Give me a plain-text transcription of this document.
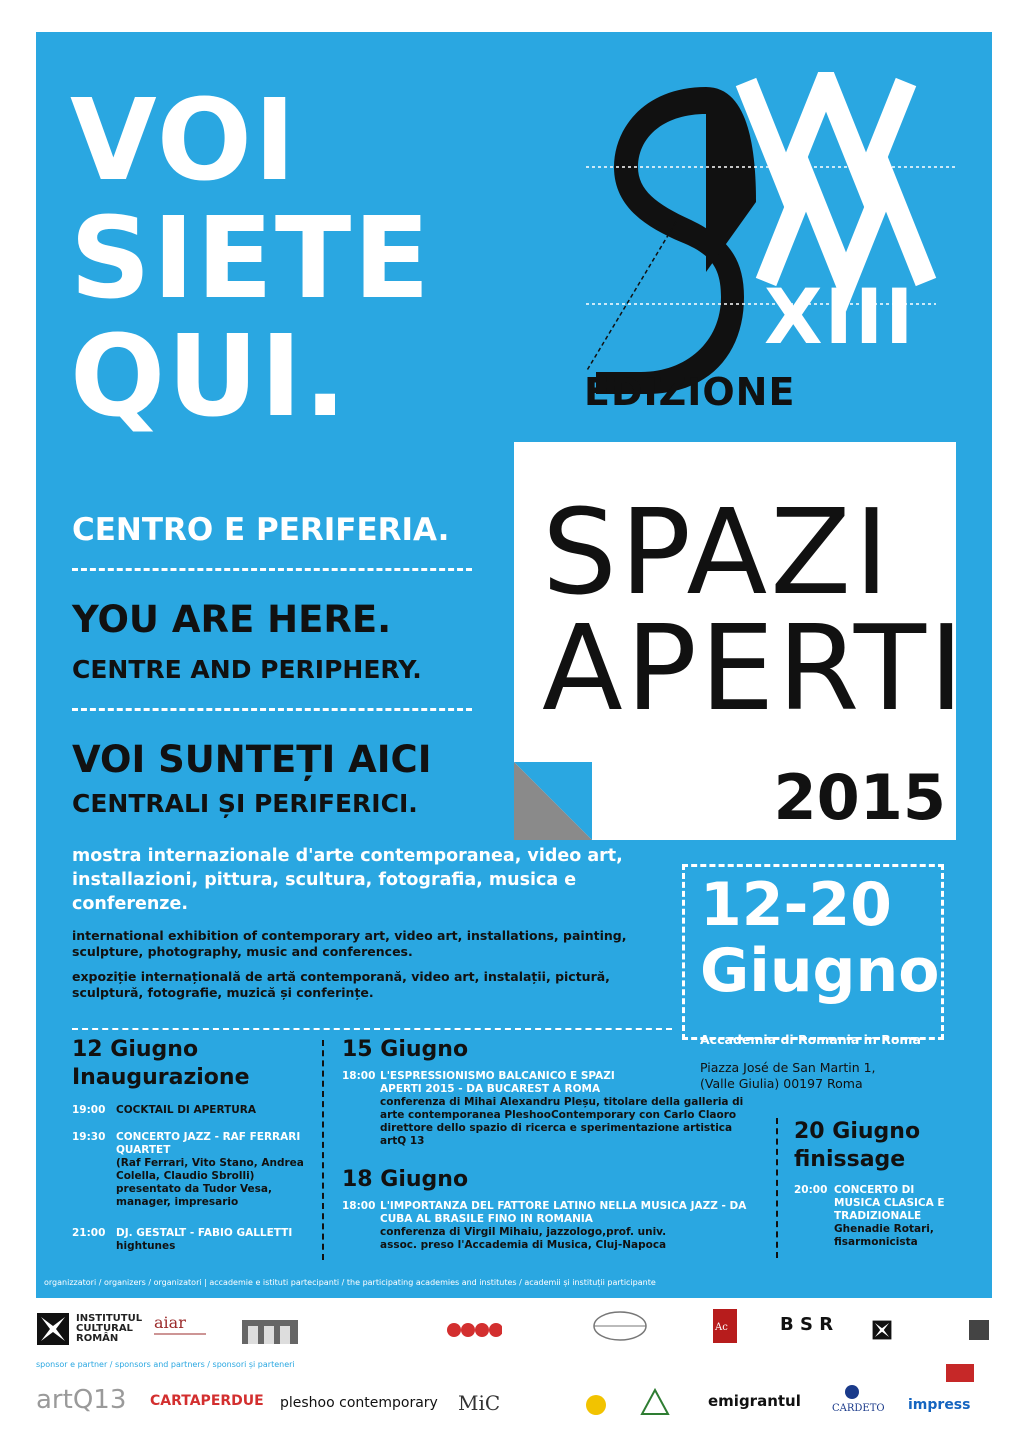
VOI
SIETE
QUI.
CENTRO E PERIFERIA.
YOU ARE HERE.
CENTRE AND PERIPHERY.
VOI SUNTEȚI AICI
CENTRALI ȘI PERIFERICI.
mostra internazionale d'arte contemporanea, video art, installazioni, pittura, scultura, fotografia, musica e conferenze.
international exhibition of contemporary art, video art, installations, painting, sculpture, photography, music and conferences.
expoziție internațională de artă contemporană, video art, instalații, pictură, sculptură, fotografie, muzică și conferințe.
XIII
EDIZIONE
SPAZI
APERTI
2015
12-20
Giugno
Accademia di Romania in Roma
Piazza José de San Martin 1,
(Valle Giulia) 00197 Roma
12 Giugno
Inaugurazione
19:00	COCKTAIL DI APERTURA
19:30	CONCERTO JAZZ - RAF FERRARI QUARTET
(Raf Ferrari, Vito Stano, Andrea Colella, Claudio Sbrolli) presentato da Tudor Vesa, manager, impresario
21:00	DJ. GESTALT - FABIO GALLETTI
hightunes
15 Giugno
18:00 L'ESPRESSIONISMO BALCANICO E SPAZI APERTI 2015 - DA BUCAREST A ROMA
conferenza di Mihai Alexandru Pleșu, titolare della galleria di arte contemporanea PleshooContemporary con Carlo Claoro direttore dello spazio di ricerca e sperimentazione artistica artQ 13
18 Giugno
18:00 L'IMPORTANZA DEL FATTORE LATINO NELLA MUSICA JAZZ - DA CUBA AL BRASILE FINO IN ROMANIA
conferenza di Virgil Mihaiu, jazzologo,prof. univ. assoc. preso l'Accademia di Musica, Cluj-Napoca
20 Giugno
finissage
20:00 CONCERTO DI MUSICA CLASICA E TRADIZIONALE
Ghenadie Rotari, fisarmonicista
organizzatori / organizers / organizatori | accademie e istituti partecipanti / the participating academies and institutes / academii și instituții participante
INSTITUTUL
CULTURAL
ROMÂN
aiar	Ac	B S R
sponsor e partner / sponsors and partners / sponsori și parteneri
artQ13 CARTAPERDUE pleshoo contemporary MiC	emigrantul	CARDETO impress
